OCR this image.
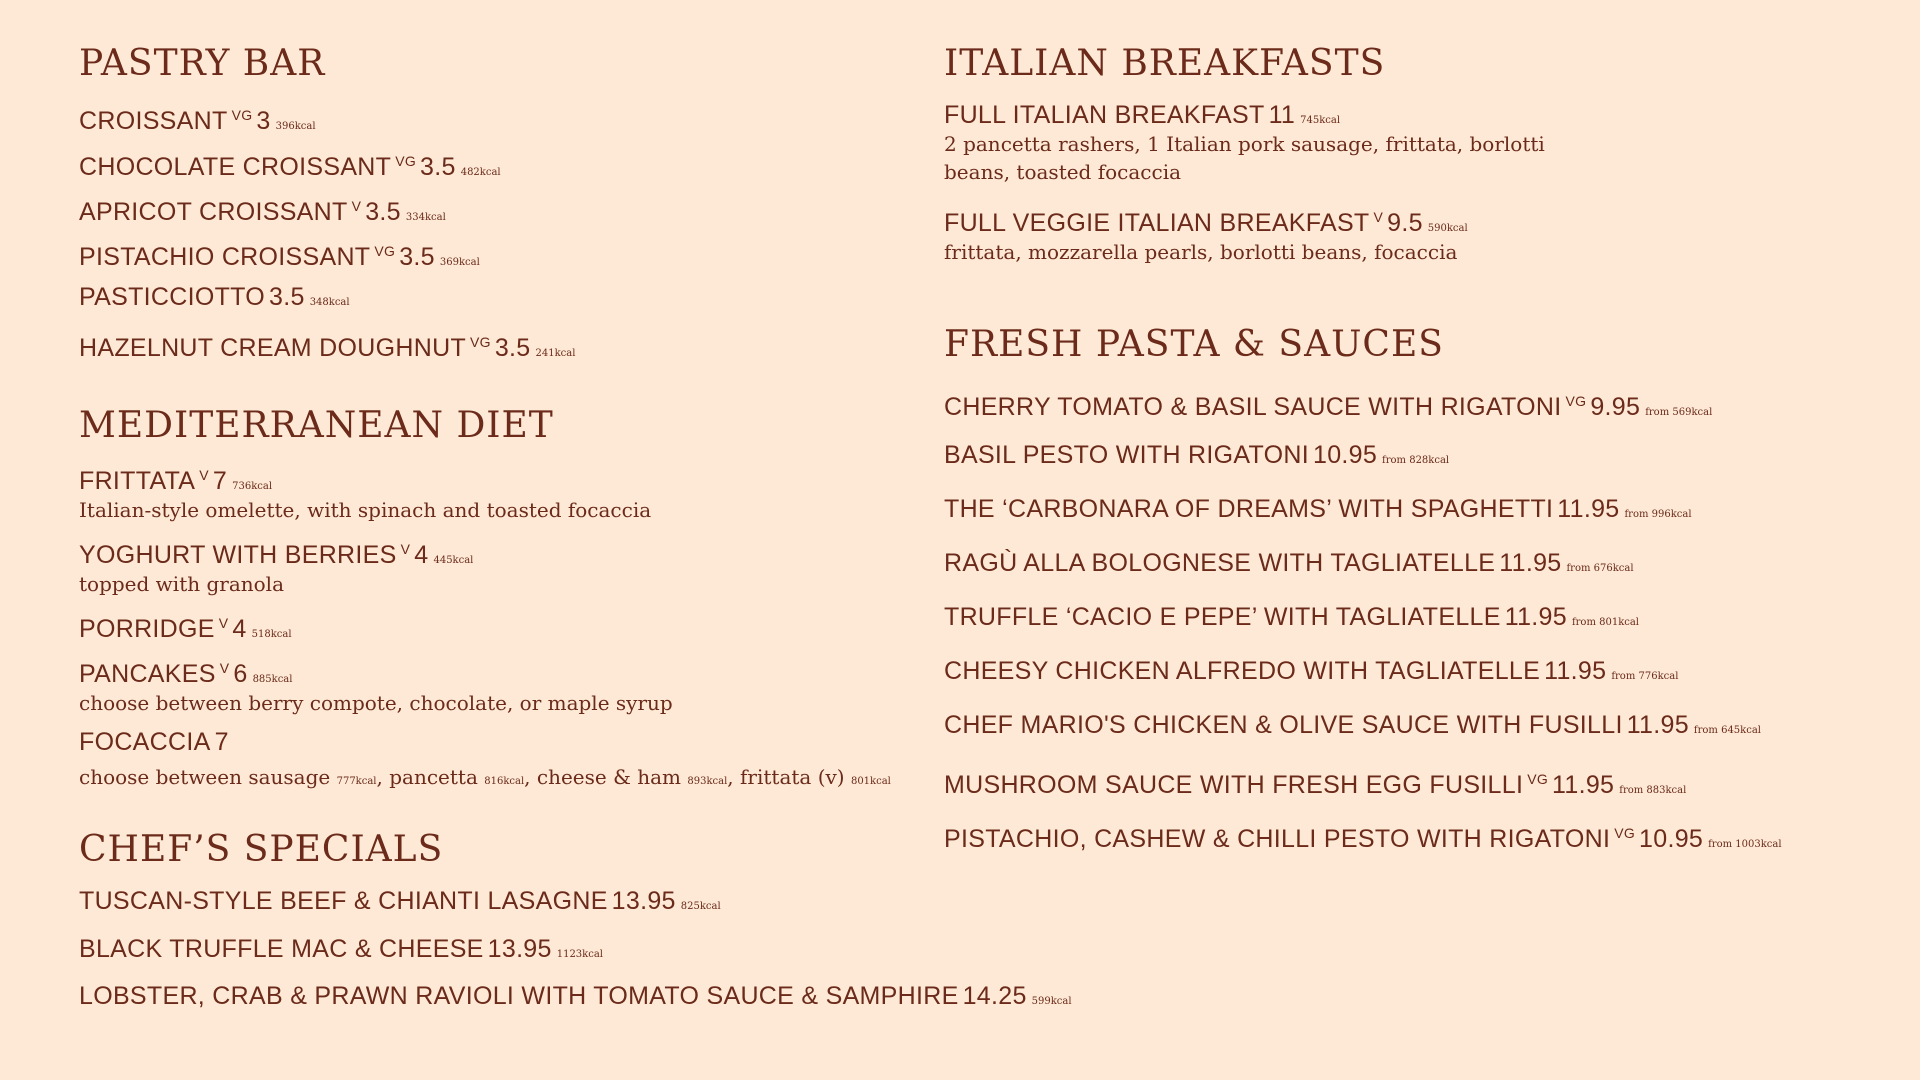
PASTRY BAR
CROISSANT VG 3 396kcal
CHOCOLATE CROISSANT VG 3.5 482kcal
APRICOT CROISSANT V 3.5 334kcal
PISTACHIO CROISSANT VG 3.5 369kcal
PASTICCIOTTO 3.5 348kcal
HAZELNUT CREAM DOUGHNUT VG 3.5 241kcal
MEDITERRANEAN DIET
FRITTATA V 7 736kcal
Italian-style omelette, with spinach and toasted focaccia
YOGHURT WITH BERRIES V 4 445kcal
topped with granola
PORRIDGE V 4 518kcal
PANCAKES V 6 885kcal
choose between berry compote, chocolate, or maple syrup
FOCACCIA 7
choose between sausage 777kcal, pancetta 816kcal, cheese & ham 893kcal, frittata (v) 801kcal
CHEF’S SPECIALS
TUSCAN-STYLE BEEF & CHIANTI LASAGNE 13.95 825kcal
BLACK TRUFFLE MAC & CHEESE 13.95 1123kcal
LOBSTER, CRAB & PRAWN RAVIOLI WITH TOMATO SAUCE & SAMPHIRE 14.25 599kcal
ITALIAN BREAKFASTS
FULL ITALIAN BREAKFAST 11 745kcal
2 pancetta rashers, 1 Italian pork sausage, frittata, borlotti beans, toasted focaccia
FULL VEGGIE ITALIAN BREAKFAST V 9.5 590kcal
frittata, mozzarella pearls, borlotti beans, focaccia
FRESH PASTA & SAUCES
CHERRY TOMATO & BASIL SAUCE WITH RIGATONI VG 9.95 from 569kcal
BASIL PESTO WITH RIGATONI 10.95 from 828kcal
THE ‘CARBONARA OF DREAMS’ WITH SPAGHETTI 11.95 from 996kcal
RAGÙ ALLA BOLOGNESE WITH TAGLIATELLE 11.95 from 676kcal
TRUFFLE ‘CACIO E PEPE’ WITH TAGLIATELLE 11.95 from 801kcal
CHEESY CHICKEN ALFREDO WITH TAGLIATELLE 11.95 from 776kcal
CHEF MARIO'S CHICKEN & OLIVE SAUCE WITH FUSILLI 11.95 from 645kcal
MUSHROOM SAUCE WITH FRESH EGG FUSILLI VG 11.95 from 883kcal
PISTACHIO, CASHEW & CHILLI PESTO WITH RIGATONI VG 10.95 from 1003kcal
